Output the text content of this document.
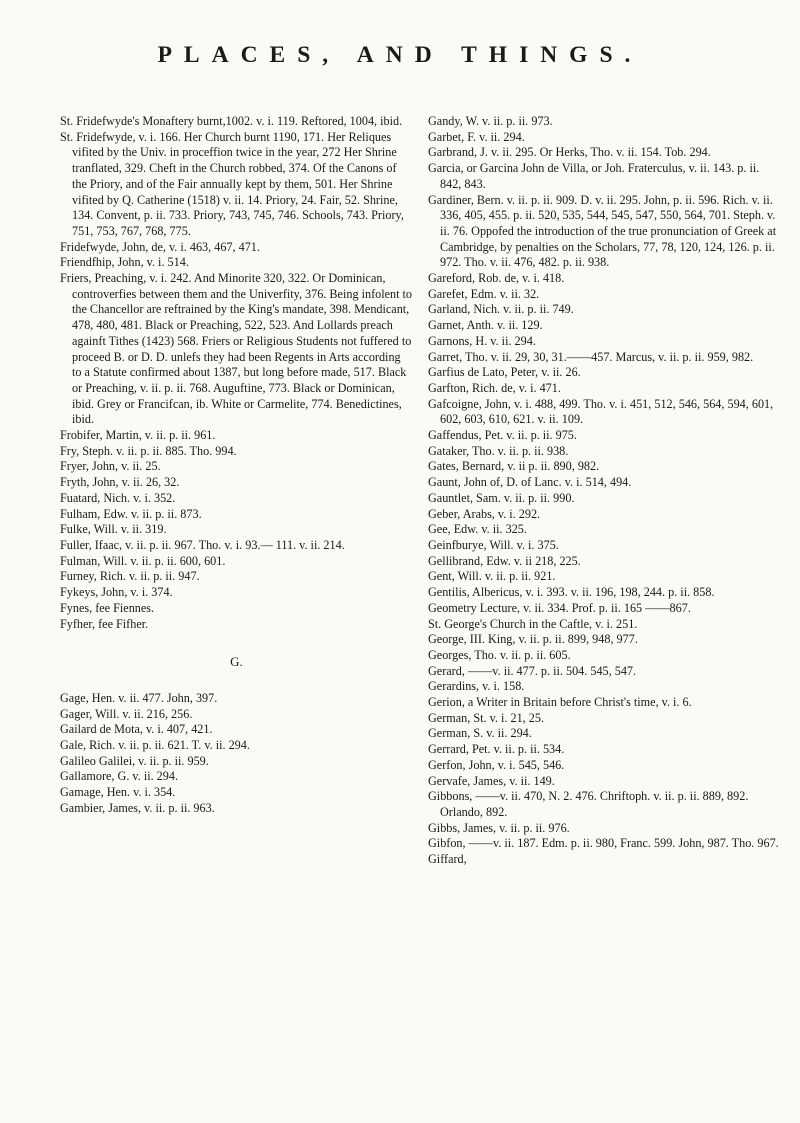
PLACES, AND THINGS.

St. Fridefwyde's Monaftery burnt,1002. v. i. 119. Reftored, 1004, ibid.

St. Fridefwyde, v. i. 166. Her Church burnt 1190, 171. Her Reliques vifited by the Univ. in proceffion twice in the year, 272 Her Shrine tranflated, 329. Cheft in the Church robbed, 374. Of the Canons of the Priory, and of the Fair annually kept by them, 501. Her Shrine vifited by Q. Catherine (1518) v. ii. 14. Priory, 24. Fair, 52. Shrine, 134. Convent, p. ii. 733. Priory, 743, 745, 746. Schools, 743. Priory, 751, 753, 767, 768, 775.

Fridefwyde, John, de, v. i. 463, 467, 471.

Friendfhip, John, v. i. 514.

Friers, Preaching, v. i. 242. And Minorite 320, 322. Or Dominican, controverfies between them and the Univerfity, 376. Being infolent to the Chancellor are reftrained by the King's mandate, 398. Mendicant, 478, 480, 481. Black or Preaching, 522, 523. And Lollards preach againft Tithes (1423) 568. Friers or Religious Students not fuffered to proceed B. or D. D. unlefs they had been Regents in Arts according to a Statute confirmed about 1387, but long before made, 517. Black or Preaching, v. ii. p. ii. 768. Auguftine, 773. Black or Dominican, ibid. Grey or Francifcan, ib. White or Carmelite, 774. Benedictines, ibid.

Frobifer, Martin, v. ii. p. ii. 961.

Fry, Steph. v. ii. p. ii. 885. Tho. 994.

Fryer, John, v. ii. 25.

Fryth, John, v. ii. 26, 32.

Fuatard, Nich. v. i. 352.

Fulham, Edw. v. ii. p. ii. 873.

Fulke, Will. v. ii. 319.

Fuller, Ifaac, v. ii. p. ii. 967. Tho. v. i. 93.— 111. v. ii. 214.

Fulman, Will. v. ii. p. ii. 600, 601.

Furney, Rich. v. ii. p. ii. 947.

Fykeys, John, v. i. 374.

Fynes, fee Fiennes.

Fyfher, fee Fifher.

G.

Gage, Hen. v. ii. 477. John, 397.

Gager, Will. v. ii. 216, 256.

Gailard de Mota, v. i. 407, 421.

Gale, Rich. v. ii. p. ii. 621. T. v. ii. 294.

Galileo Galilei, v. ii. p. ii. 959.

Gallamore, G. v. ii. 294.

Gamage, Hen. v. i. 354.

Gambier, James, v. ii. p. ii. 963.

Gandy, W. v. ii. p. ii. 973.

Garbet, F. v. ii. 294.

Garbrand, J. v. ii. 295. Or Herks, Tho. v. ii. 154. Tob. 294.

Garcia, or Garcina John de Villa, or Joh. Fraterculus, v. ii. 143. p. ii. 842, 843.

Gardiner, Bern. v. ii. p. ii. 909. D. v. ii. 295. John, p. ii. 596. Rich. v. ii. 336, 405, 455. p. ii. 520, 535, 544, 545, 547, 550, 564, 701. Steph. v. ii. 76. Oppofed the introduction of the true pronunciation of Greek at Cambridge, by penalties on the Scholars, 77, 78, 120, 124, 126. p. ii. 972. Tho. v. ii. 476, 482. p. ii. 938.

Gareford, Rob. de, v. i. 418.

Garefet, Edm. v. ii. 32.

Garland, Nich. v. ii. p. ii. 749.

Garnet, Anth. v. ii. 129.

Garnons, H. v. ii. 294.

Garret, Tho. v. ii. 29, 30, 31.——457. Marcus, v. ii. p. ii. 959, 982.

Garfius de Lato, Peter, v. ii. 26.

Garfton, Rich. de, v. i. 471.

Gafcoigne, John, v. i. 488, 499. Tho. v. i. 451, 512, 546, 564, 594, 601, 602, 603, 610, 621. v. ii. 109.

Gaffendus, Pet. v. ii. p. ii. 975.

Gataker, Tho. v. ii. p. ii. 938.

Gates, Bernard, v. ii p. ii. 890, 982.

Gaunt, John of, D. of Lanc. v. i. 514, 494.

Gauntlet, Sam. v. ii. p. ii. 990.

Geber, Arabs, v. i. 292.

Gee, Edw. v. ii. 325.

Geinfburye, Will. v. i. 375.

Gellibrand, Edw. v. ii 218, 225.

Gent, Will. v. ii. p. ii. 921.

Gentilis, Albericus, v. i. 393. v. ii. 196, 198, 244. p. ii. 858.

Geometry Lecture, v. ii. 334. Prof. p. ii. 165 ——867.

St. George's Church in the Caftle, v. i. 251.

George, III. King, v. ii. p. ii. 899, 948, 977.

Georges, Tho. v. ii. p. ii. 605.

Gerard, ——v. ii. 477. p. ii. 504. 545, 547.

Gerardins, v. i. 158.

Gerion, a Writer in Britain before Christ's time, v. i. 6.

German, St. v. i. 21, 25.

German, S. v. ii. 294.

Gerrard, Pet. v. ii. p. ii. 534.

Gerfon, John, v. i. 545, 546.

Gervafe, James, v. ii. 149.

Gibbons, ——v. ii. 470, N. 2. 476. Chriftoph. v. ii. p. ii. 889, 892. Orlando, 892.

Gibbs, James, v. ii. p. ii. 976.

Gibfon, ——v. ii. 187. Edm. p. ii. 980, Franc. 599. John, 987. Tho. 967.

Giffard,
